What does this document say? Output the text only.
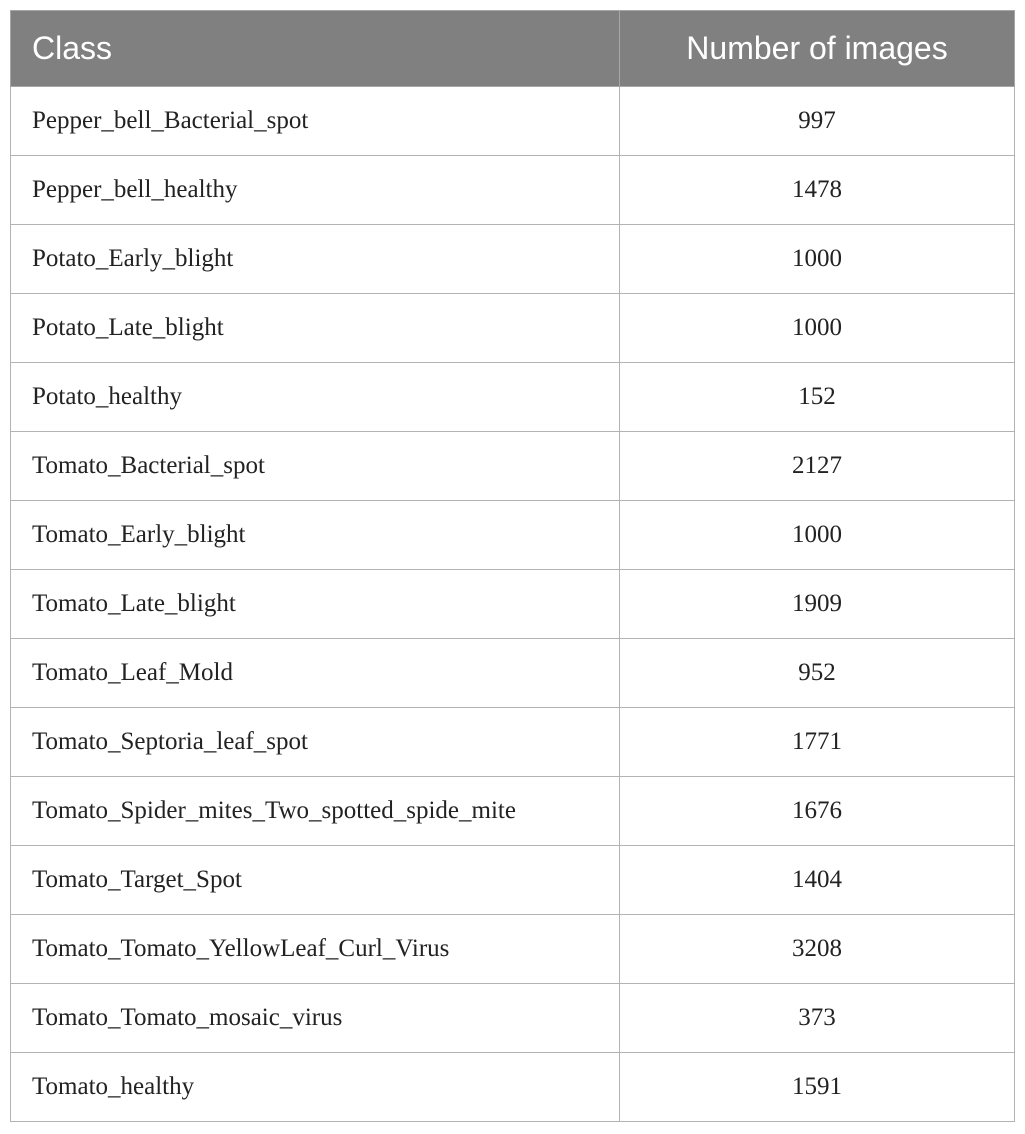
Class	Number of images
Pepper_bell_Bacterial_spot	997
Pepper_bell_healthy	1478
Potato_Early_blight	1000
Potato_Late_blight	1000
Potato_healthy	152
Tomato_Bacterial_spot	2127
Tomato_Early_blight	1000
Tomato_Late_blight	1909
Tomato_Leaf_Mold	952
Tomato_Septoria_leaf_spot	1771
Tomato_Spider_mites_Two_spotted_spide_mite	1676
Tomato_Target_Spot	1404
Tomato_Tomato_YellowLeaf_Curl_Virus	3208
Tomato_Tomato_mosaic_virus	373
Tomato_healthy	1591
